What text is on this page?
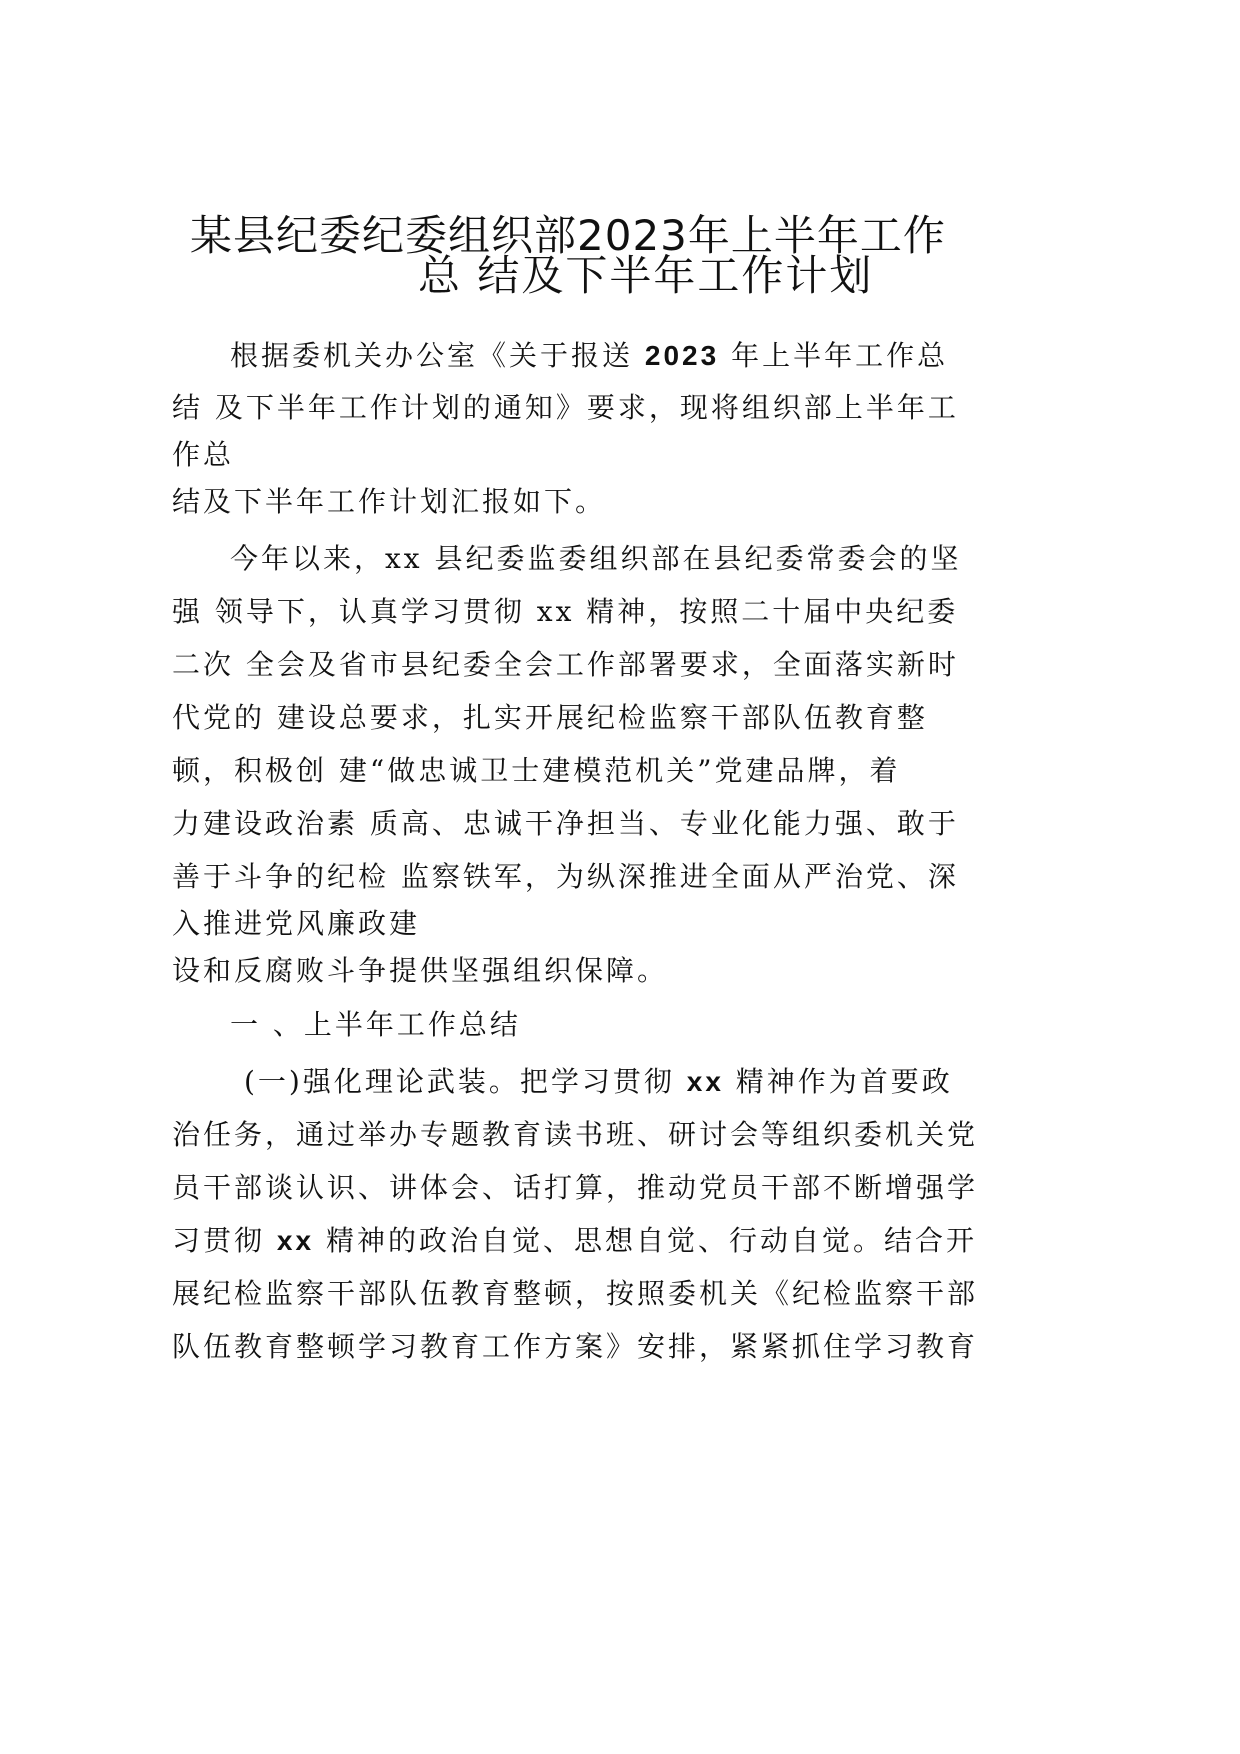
某县纪委纪委组织部2023年上半年工作
总 结及下半年工作计划
根据委机关办公室《关于报送 2023 年上半年工作总
结 及下半年工作计划的通知》要求，现将组织部上半年工
作总
结及下半年工作计划汇报如下。
今年以来，xx 县纪委监委组织部在县纪委常委会的坚
强 领导下，认真学习贯彻 xx 精神，按照二十届中央纪委
二次 全会及省市县纪委全会工作部署要求，全面落实新时
代党的 建设总要求，扎实开展纪检监察干部队伍教育整
顿，积极创 建“做忠诚卫士建模范机关”党建品牌，着
力建设政治素 质高、忠诚干净担当、专业化能力强、敢于
善于斗争的纪检 监察铁军，为纵深推进全面从严治党、深
入推进党风廉政建
设和反腐败斗争提供坚强组织保障。
一 、上半年工作总结
(一)强化理论武装。把学习贯彻 xx 精神作为首要政
治任务，通过举办专题教育读书班、研讨会等组织委机关党
员干部谈认识、讲体会、话打算，推动党员干部不断增强学
习贯彻 xx 精神的政治自觉、思想自觉、行动自觉。结合开
展纪检监察干部队伍教育整顿，按照委机关《纪检监察干部
队伍教育整顿学习教育工作方案》安排，紧紧抓住学习教育
